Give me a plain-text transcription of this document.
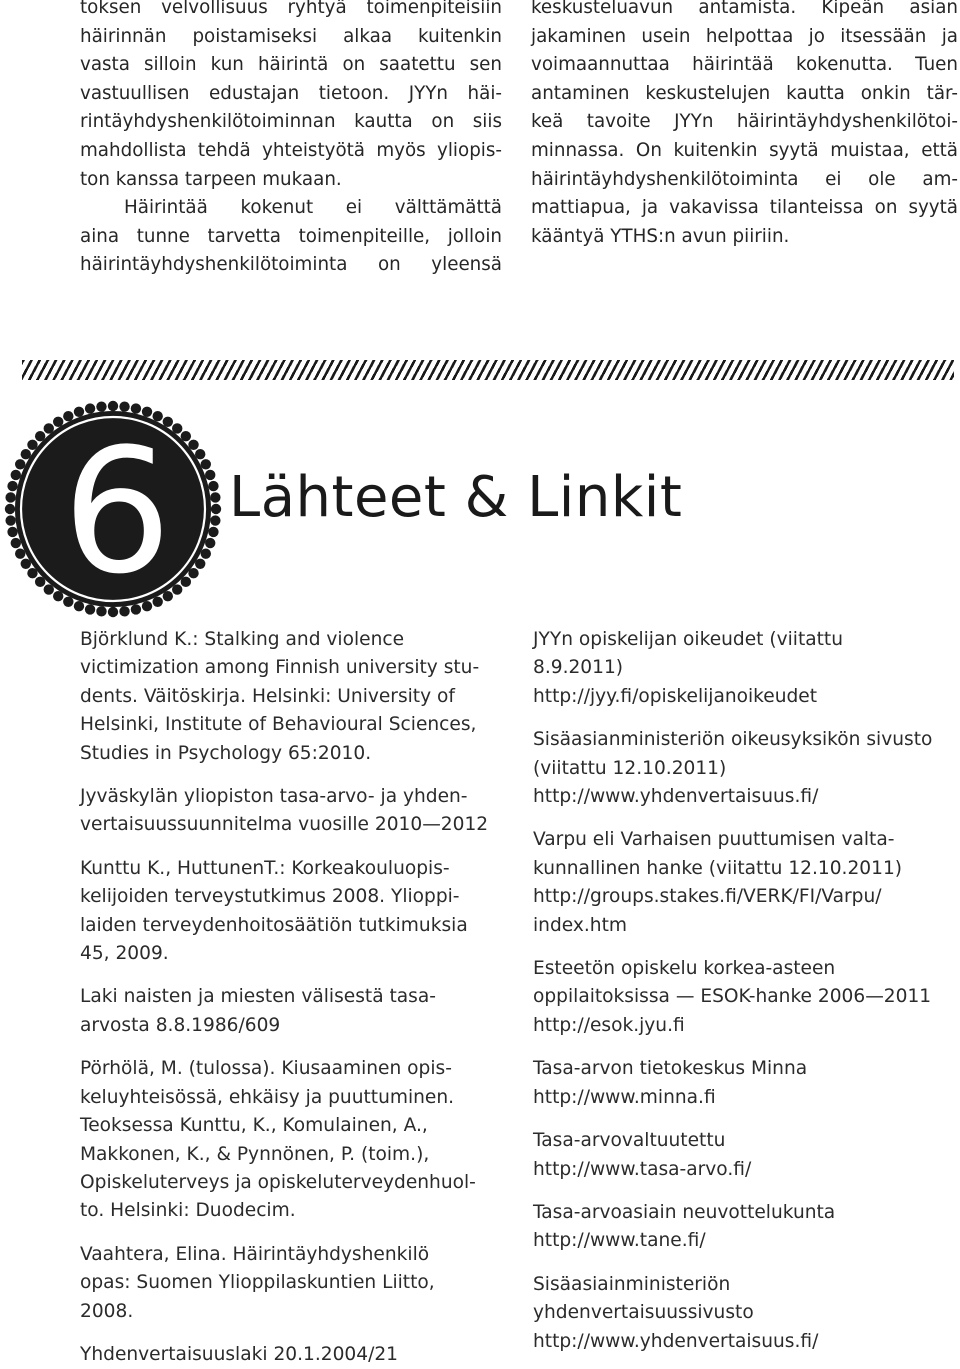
toksen velvollisuus ryhtyä toimenpiteisiin
häirinnän poistamiseksi alkaa kuitenkin
vasta silloin kun häirintä on saatettu sen
vastuullisen edustajan tietoon. JYYn häi-
rintäyhdyshenkilötoiminnan kautta on siis
mahdollista tehdä yhteistyötä myös yliopis-
ton kanssa tarpeen mukaan.
Häirintää kokenut ei välttämättä
aina tunne tarvetta toimenpiteille, jolloin
häirintäyhdyshenkilötoiminta on yleensä
keskusteluavun antamista. Kipeän asian
jakaminen usein helpottaa jo itsessään ja
voimaannuttaa häirintää kokenutta. Tuen
antaminen keskustelujen kautta onkin tär-
keä tavoite JYYn häirintäyhdyshenkilötoi-
minnassa. On kuitenkin syytä muistaa, että
häirintäyhdyshenkilötoiminta ei ole am-
mattiapua, ja vakavissa tilanteissa on syytä
kääntyä YTHS:n avun piiriin.
6	Lähteet & Linkit
Björklund K.: Stalking and violence
victimization among Finnish university stu-
dents. Väitöskirja. Helsinki: University of
Helsinki, Institute of Behavioural Sciences,
Studies in Psychology 65:2010.
Jyväskylän yliopiston tasa-arvo- ja yhden-
vertaisuussuunnitelma vuosille 2010—2012
Kunttu K., HuttunenT.: Korkeakouluopis-
kelijoiden terveystutkimus 2008. Ylioppi-
laiden terveydenhoitosäätiön tutkimuksia
45, 2009.
Laki naisten ja miesten välisestä tasa-
arvosta 8.8.1986/609
Pörhölä, M. (tulossa). Kiusaaminen opis-
keluyhteisössä, ehkäisy ja puuttuminen.
Teoksessa Kunttu, K., Komulainen, A.,
Makkonen, K., & Pynnönen, P. (toim.),
Opiskeluterveys ja opiskeluterveydenhuol-
to. Helsinki: Duodecim.
Vaahtera, Elina. Häirintäyhdyshenkilö
opas: Suomen Ylioppilaskuntien Liitto,
2008.
Yhdenvertaisuuslaki 20.1.2004/21
JYYn opiskelijan oikeudet (viitattu
8.9.2011)
http://jyy.fi/opiskelijanoikeudet
Sisäasianministeriön oikeusyksikön sivusto
(viitattu 12.10.2011)
http://www.yhdenvertaisuus.fi/
Varpu eli Varhaisen puuttumisen valta-
kunnallinen hanke (viitattu 12.10.2011)
http://groups.stakes.fi/VERK/FI/Varpu/
index.htm
Esteetön opiskelu korkea-asteen
oppilaitoksissa — ESOK-hanke 2006—2011
http://esok.jyu.fi
Tasa-arvon tietokeskus Minna
http://www.minna.fi
Tasa-arvovaltuutettu
http://www.tasa-arvo.fi/
Tasa-arvoasiain neuvottelukunta
http://www.tane.fi/
Sisäasiainministeriön
yhdenvertaisuussivusto
http://www.yhdenvertaisuus.fi/
